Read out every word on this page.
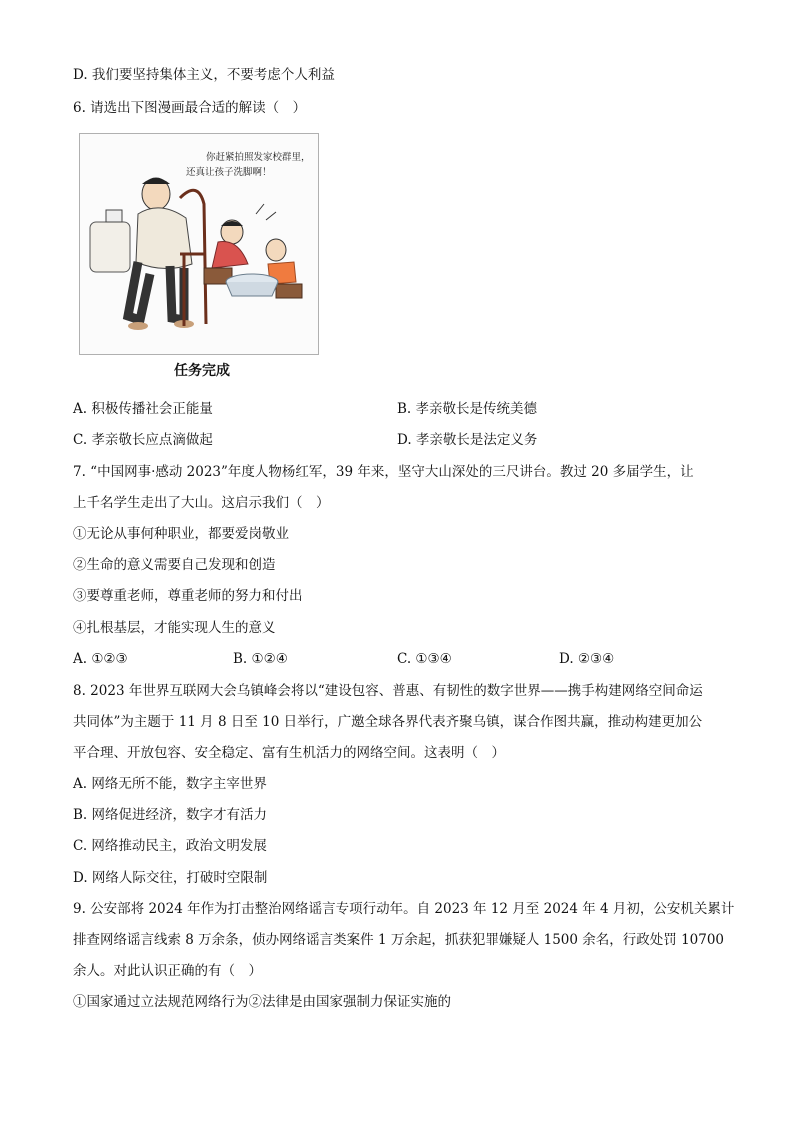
D. 我们要坚持集体主义，不要考虑个人利益
6. 请选出下图漫画最合适的解读（　）
你赶紧拍照发家校群里，
还真让孩子洗脚啊！
任务完成
A. 积极传播社会正能量	B. 孝亲敬长是传统美德
C. 孝亲敬长应点滴做起	D. 孝亲敬长是法定义务
7. “中国网事·感动 2023”年度人物杨红军，39 年来，坚守大山深处的三尺讲台。教过 20 多届学生，让
上千名学生走出了大山。这启示我们（　）
①无论从事何种职业，都要爱岗敬业
②生命的意义需要自己发现和创造
③要尊重老师，尊重老师的努力和付出
④扎根基层，才能实现人生的意义
A. ①②③	B. ①②④	C. ①③④	D. ②③④
8. 2023 年世界互联网大会乌镇峰会将以“建设包容、普惠、有韧性的数字世界——携手构建网络空间命运
共同体”为主题于 11 月 8 日至 10 日举行，广邀全球各界代表齐聚乌镇，谋合作图共赢，推动构建更加公
平合理、开放包容、安全稳定、富有生机活力的网络空间。这表明（　）
A. 网络无所不能，数字主宰世界
B. 网络促进经济，数字才有活力
C. 网络推动民主，政治文明发展
D. 网络人际交往，打破时空限制
9. 公安部将 2024 年作为打击整治网络谣言专项行动年。自 2023 年 12 月至 2024 年 4 月初，公安机关累计
排查网络谣言线索 8 万余条，侦办网络谣言类案件 1 万余起，抓获犯罪嫌疑人 1500 余名，行政处罚 10700
余人。对此认识正确的有（　）
①国家通过立法规范网络行为②法律是由国家强制力保证实施的
